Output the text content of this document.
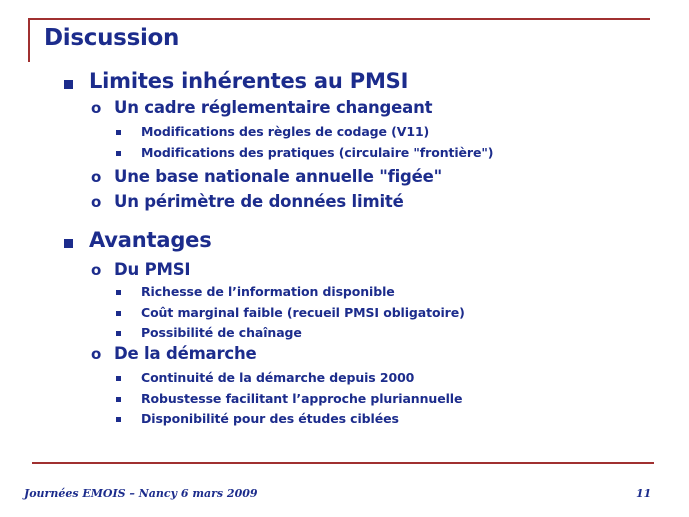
Discussion
Limites inhérentes au PMSI
o Un cadre réglementaire changeant
Modifications des règles de codage (V11)
Modifications des pratiques (circulaire "frontière")
o Une base nationale annuelle "figée"
o Un périmètre de données limité
Avantages
o Du PMSI
Richesse de l’information disponible
Coût marginal faible (recueil PMSI obligatoire)
Possibilité de chaînage
o De la démarche
Continuité de la démarche depuis 2000
Robustesse facilitant l’approche pluriannuelle
Disponibilité pour des études ciblées
Journées EMOIS – Nancy 6 mars 2009	11
